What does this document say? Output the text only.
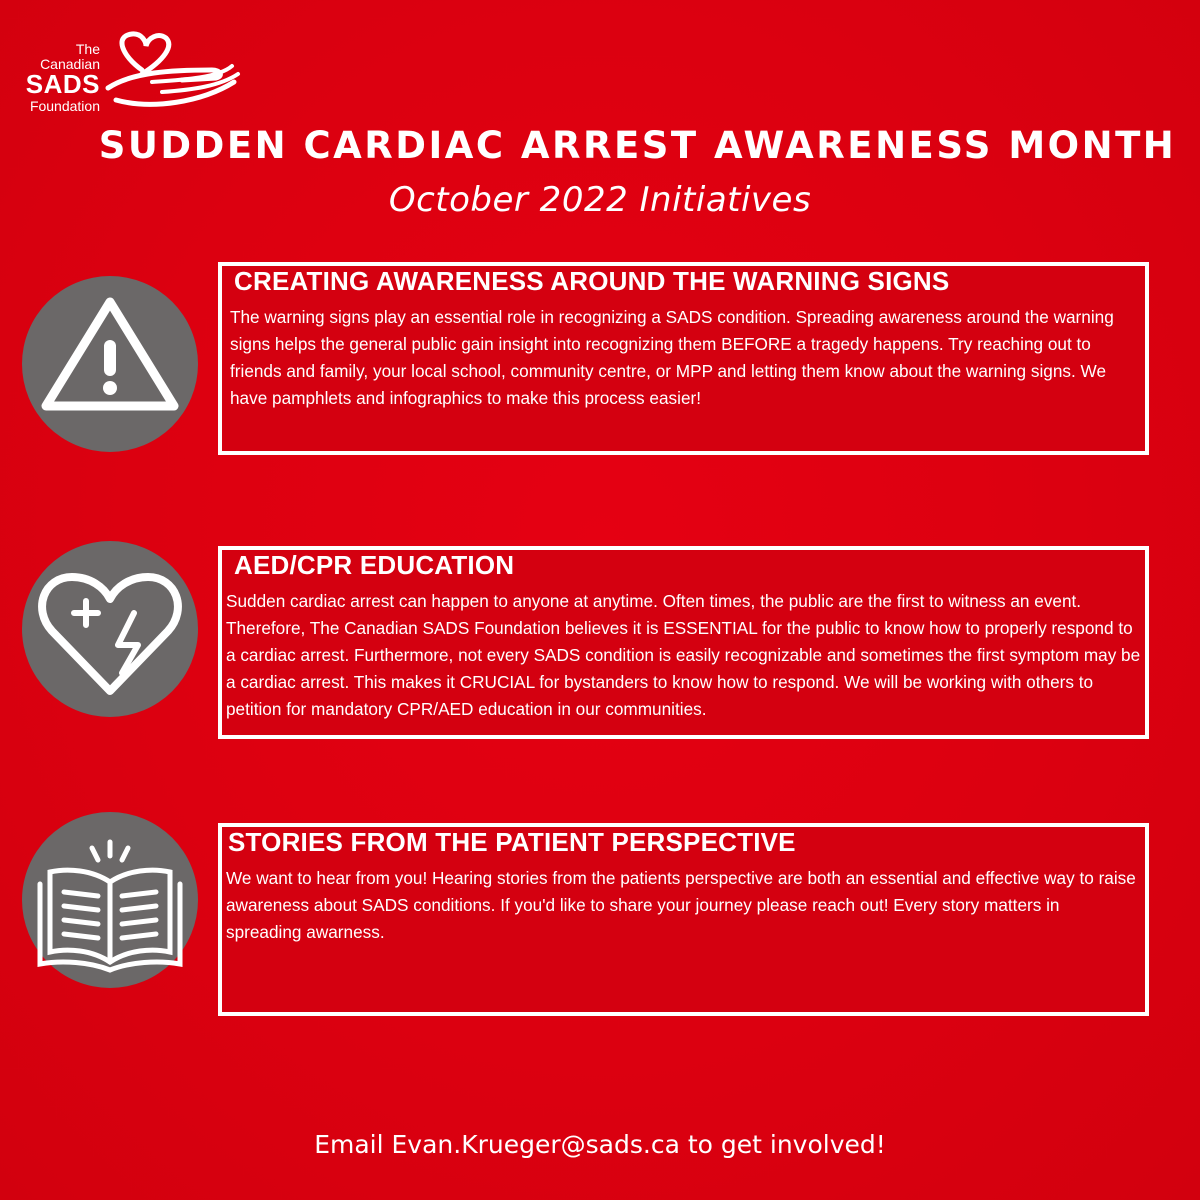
The
Canadian
SADS
Foundation
SUDDEN CARDIAC ARREST AWARENESS MONTH
October 2022 Initiatives
CREATING AWARENESS AROUND THE WARNING SIGNS
The warning signs play an essential role in recognizing a SADS condition. Spreading awareness around the warning signs helps the general public gain insight into recognizing them BEFORE a tragedy happens. Try reaching out to friends and family, your local school, community centre, or MPP and letting them know about the warning signs. We have pamphlets and infographics to make this process easier!
AED/CPR EDUCATION
Sudden cardiac arrest can happen to anyone at anytime. Often times, the public are the first to witness an event. Therefore, The Canadian SADS Foundation believes it is ESSENTIAL for the public to know how to properly respond to a cardiac arrest. Furthermore, not every SADS condition is easily recognizable and sometimes the first symptom may be a cardiac arrest. This makes it CRUCIAL for bystanders to know how to respond. We will be working with others to petition for mandatory CPR/AED education in our communities.
STORIES FROM THE PATIENT PERSPECTIVE
We want to hear from you! Hearing stories from the patients perspective are both an essential and effective way to raise awareness about SADS conditions. If you'd like to share your journey please reach out! Every story matters in spreading awarness.
Email Evan.Krueger@sads.ca to get involved!
